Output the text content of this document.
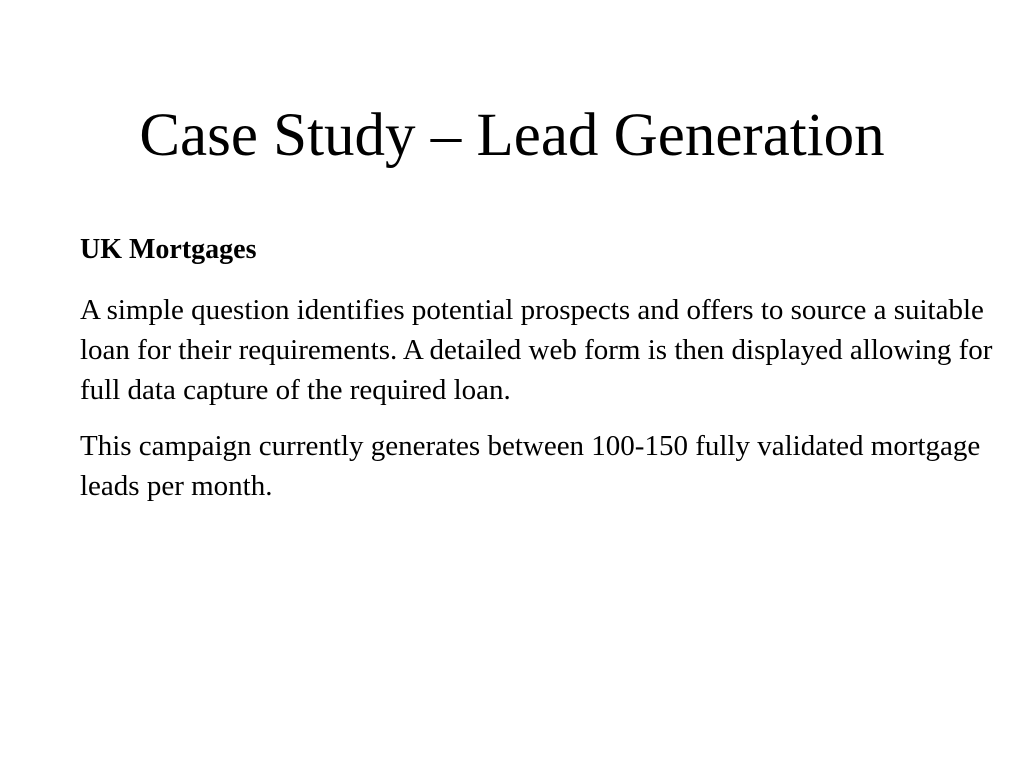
Case Study – Lead Generation

UK Mortgages

A simple question identifies potential prospects and offers to source a suitable loan for their requirements. A detailed web form is then displayed allowing for full data capture of the required loan.

This campaign currently generates between 100-150 fully validated mortgage leads per month.
